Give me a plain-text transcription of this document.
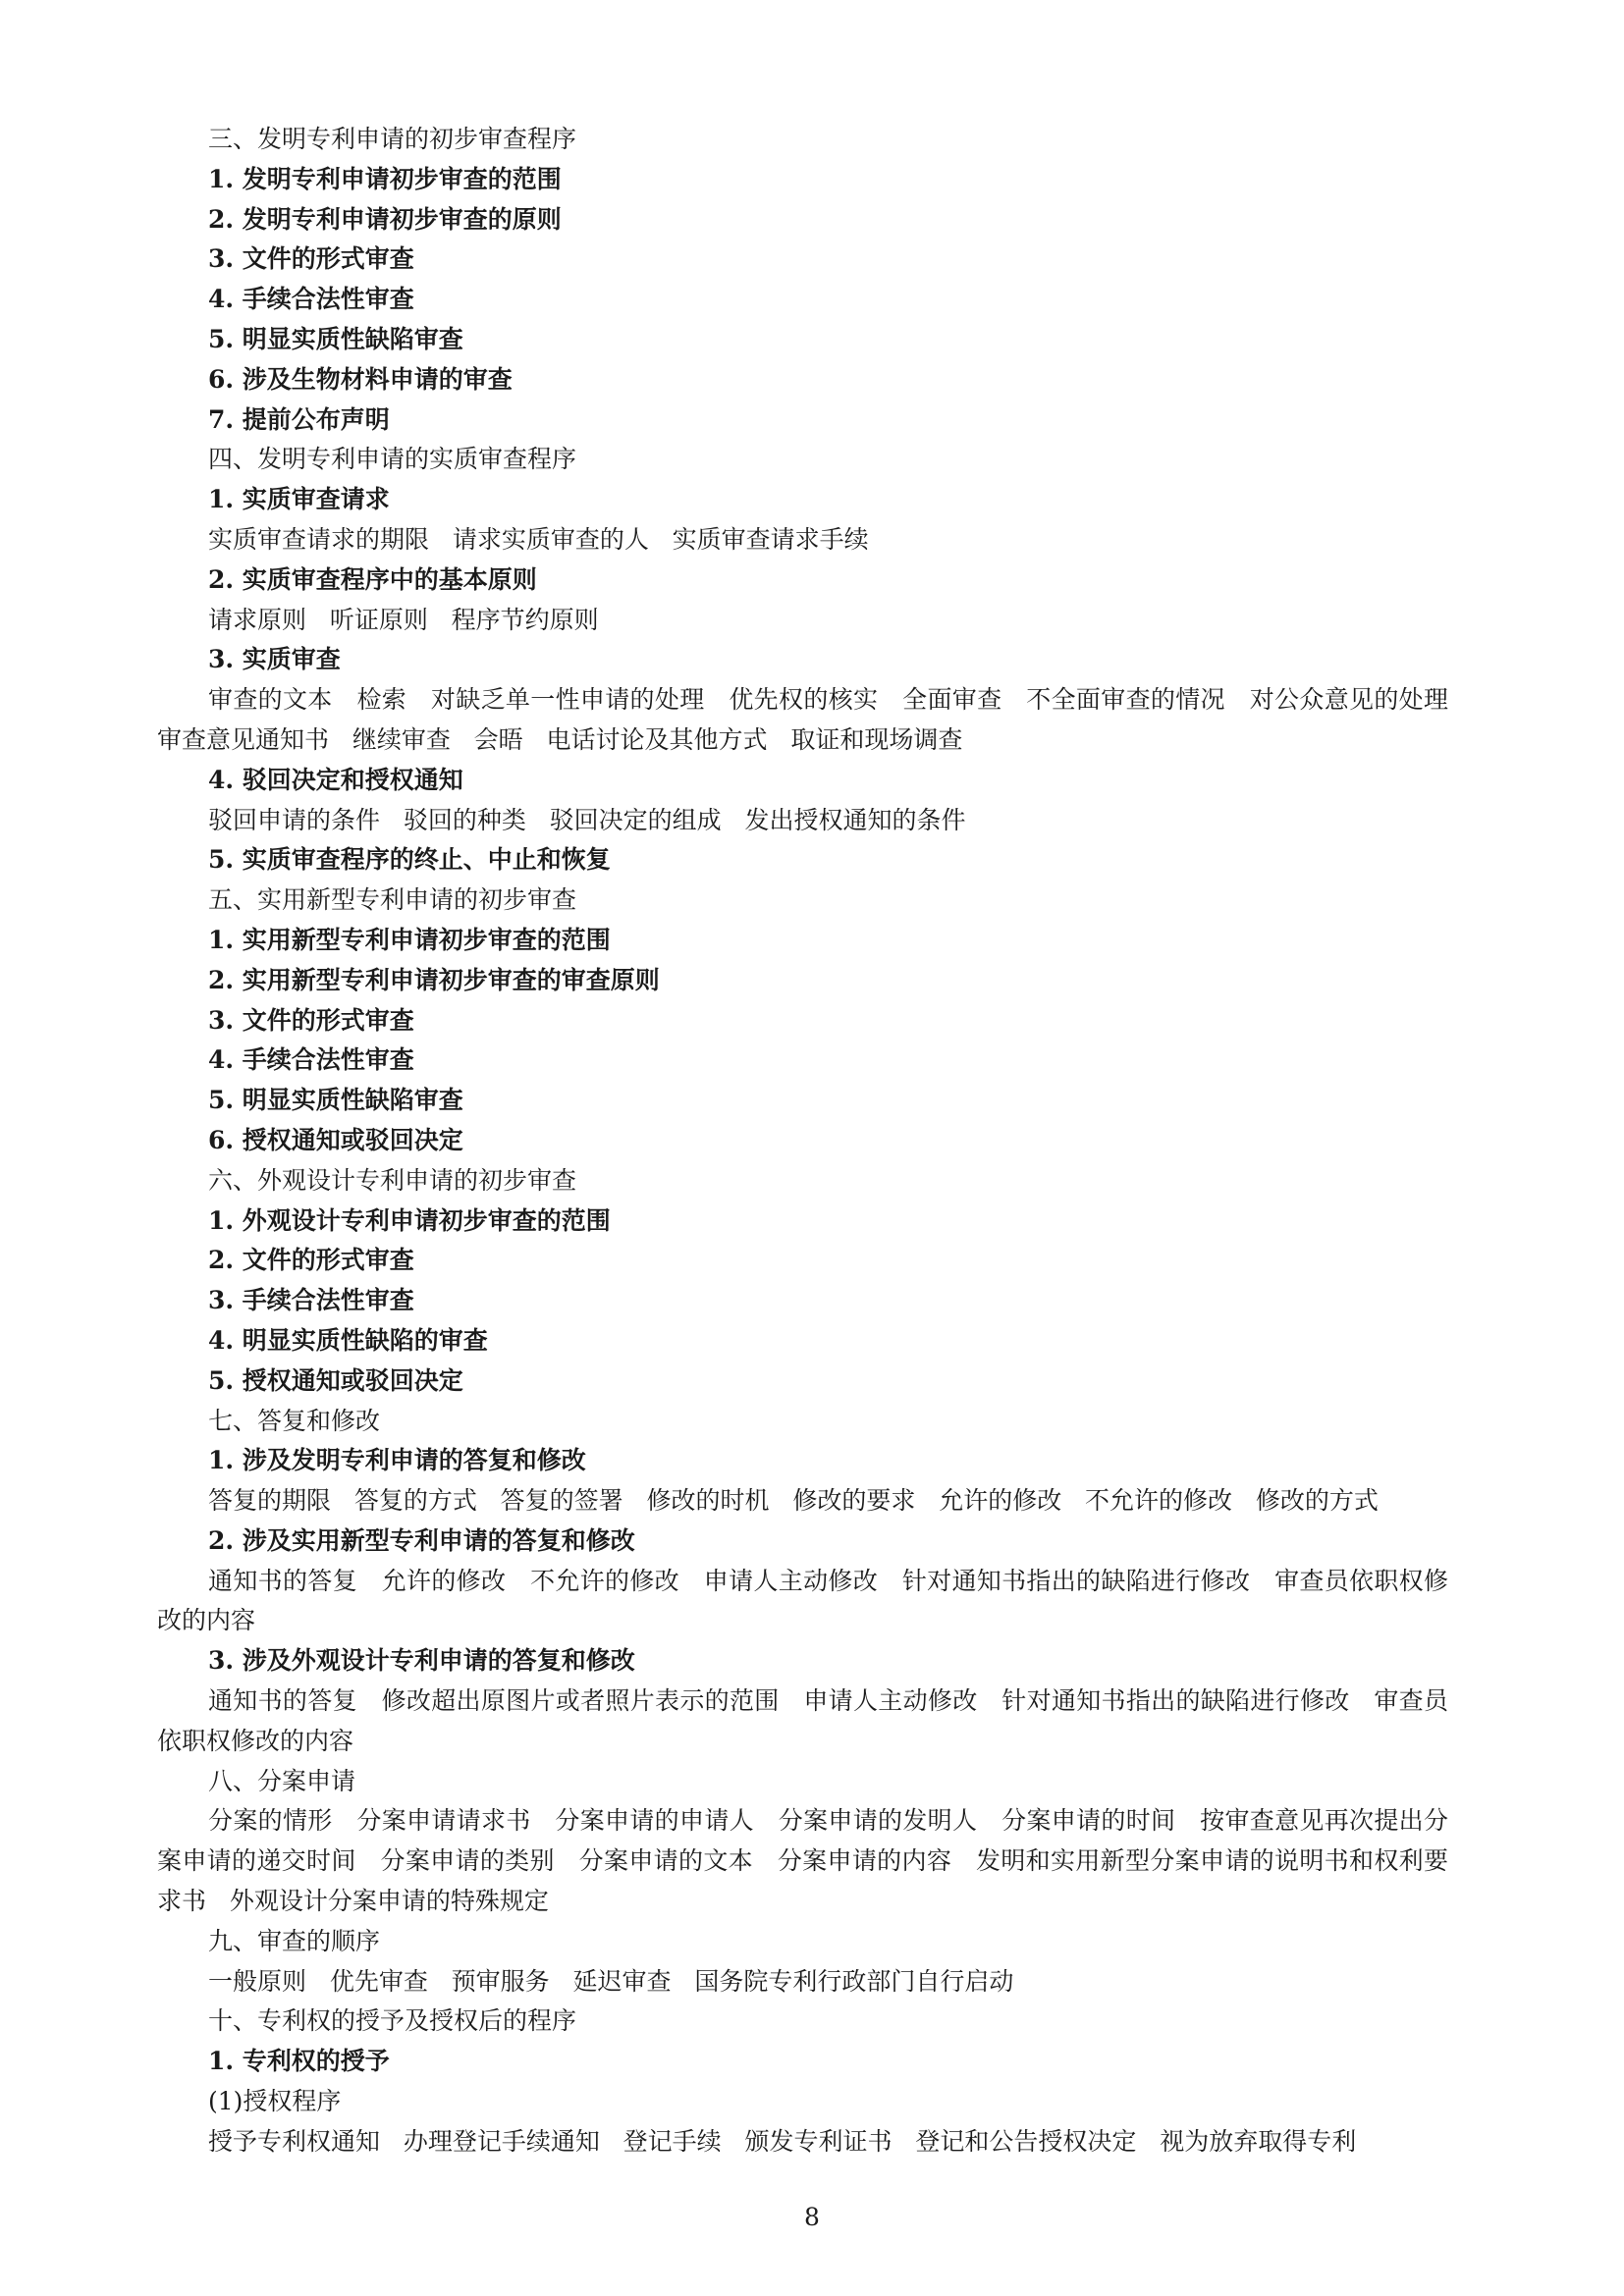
三、发明专利申请的初步审查程序
1. 发明专利申请初步审查的范围
2. 发明专利申请初步审查的原则
3. 文件的形式审查
4. 手续合法性审查
5. 明显实质性缺陷审查
6. 涉及生物材料申请的审查
7. 提前公布声明
四、发明专利申请的实质审查程序
1. 实质审查请求
实质审查请求的期限   请求实质审查的人   实质审查请求手续
2. 实质审查程序中的基本原则
请求原则   听证原则   程序节约原则
3. 实质审查
审查的文本   检索   对缺乏单一性申请的处理   优先权的核实   全面审查   不全面审查的情况   对公众意见的处理   审查意见通知书   继续审查   会晤   电话讨论及其他方式   取证和现场调查
4. 驳回决定和授权通知
驳回申请的条件   驳回的种类   驳回决定的组成   发出授权通知的条件
5. 实质审查程序的终止、中止和恢复
五、实用新型专利申请的初步审查
1. 实用新型专利申请初步审查的范围
2. 实用新型专利申请初步审查的审查原则
3. 文件的形式审查
4. 手续合法性审查
5. 明显实质性缺陷审查
6. 授权通知或驳回决定
六、外观设计专利申请的初步审查
1. 外观设计专利申请初步审查的范围
2. 文件的形式审查
3. 手续合法性审查
4. 明显实质性缺陷的审查
5. 授权通知或驳回决定
七、答复和修改
1. 涉及发明专利申请的答复和修改
答复的期限   答复的方式   答复的签署   修改的时机   修改的要求   允许的修改   不允许的修改   修改的方式
2. 涉及实用新型专利申请的答复和修改
通知书的答复   允许的修改   不允许的修改   申请人主动修改   针对通知书指出的缺陷进行修改   审查员依职权修改的内容
3. 涉及外观设计专利申请的答复和修改
通知书的答复   修改超出原图片或者照片表示的范围   申请人主动修改   针对通知书指出的缺陷进行修改   审查员依职权修改的内容
八、分案申请
分案的情形   分案申请请求书   分案申请的申请人   分案申请的发明人   分案申请的时间   按审查意见再次提出分案申请的递交时间   分案申请的类别   分案申请的文本   分案申请的内容   发明和实用新型分案申请的说明书和权利要求书   外观设计分案申请的特殊规定
九、审查的顺序
一般原则   优先审查   预审服务   延迟审查   国务院专利行政部门自行启动
十、专利权的授予及授权后的程序
1. 专利权的授予
(1)授权程序
授予专利权通知   办理登记手续通知   登记手续   颁发专利证书   登记和公告授权决定   视为放弃取得专利
8
